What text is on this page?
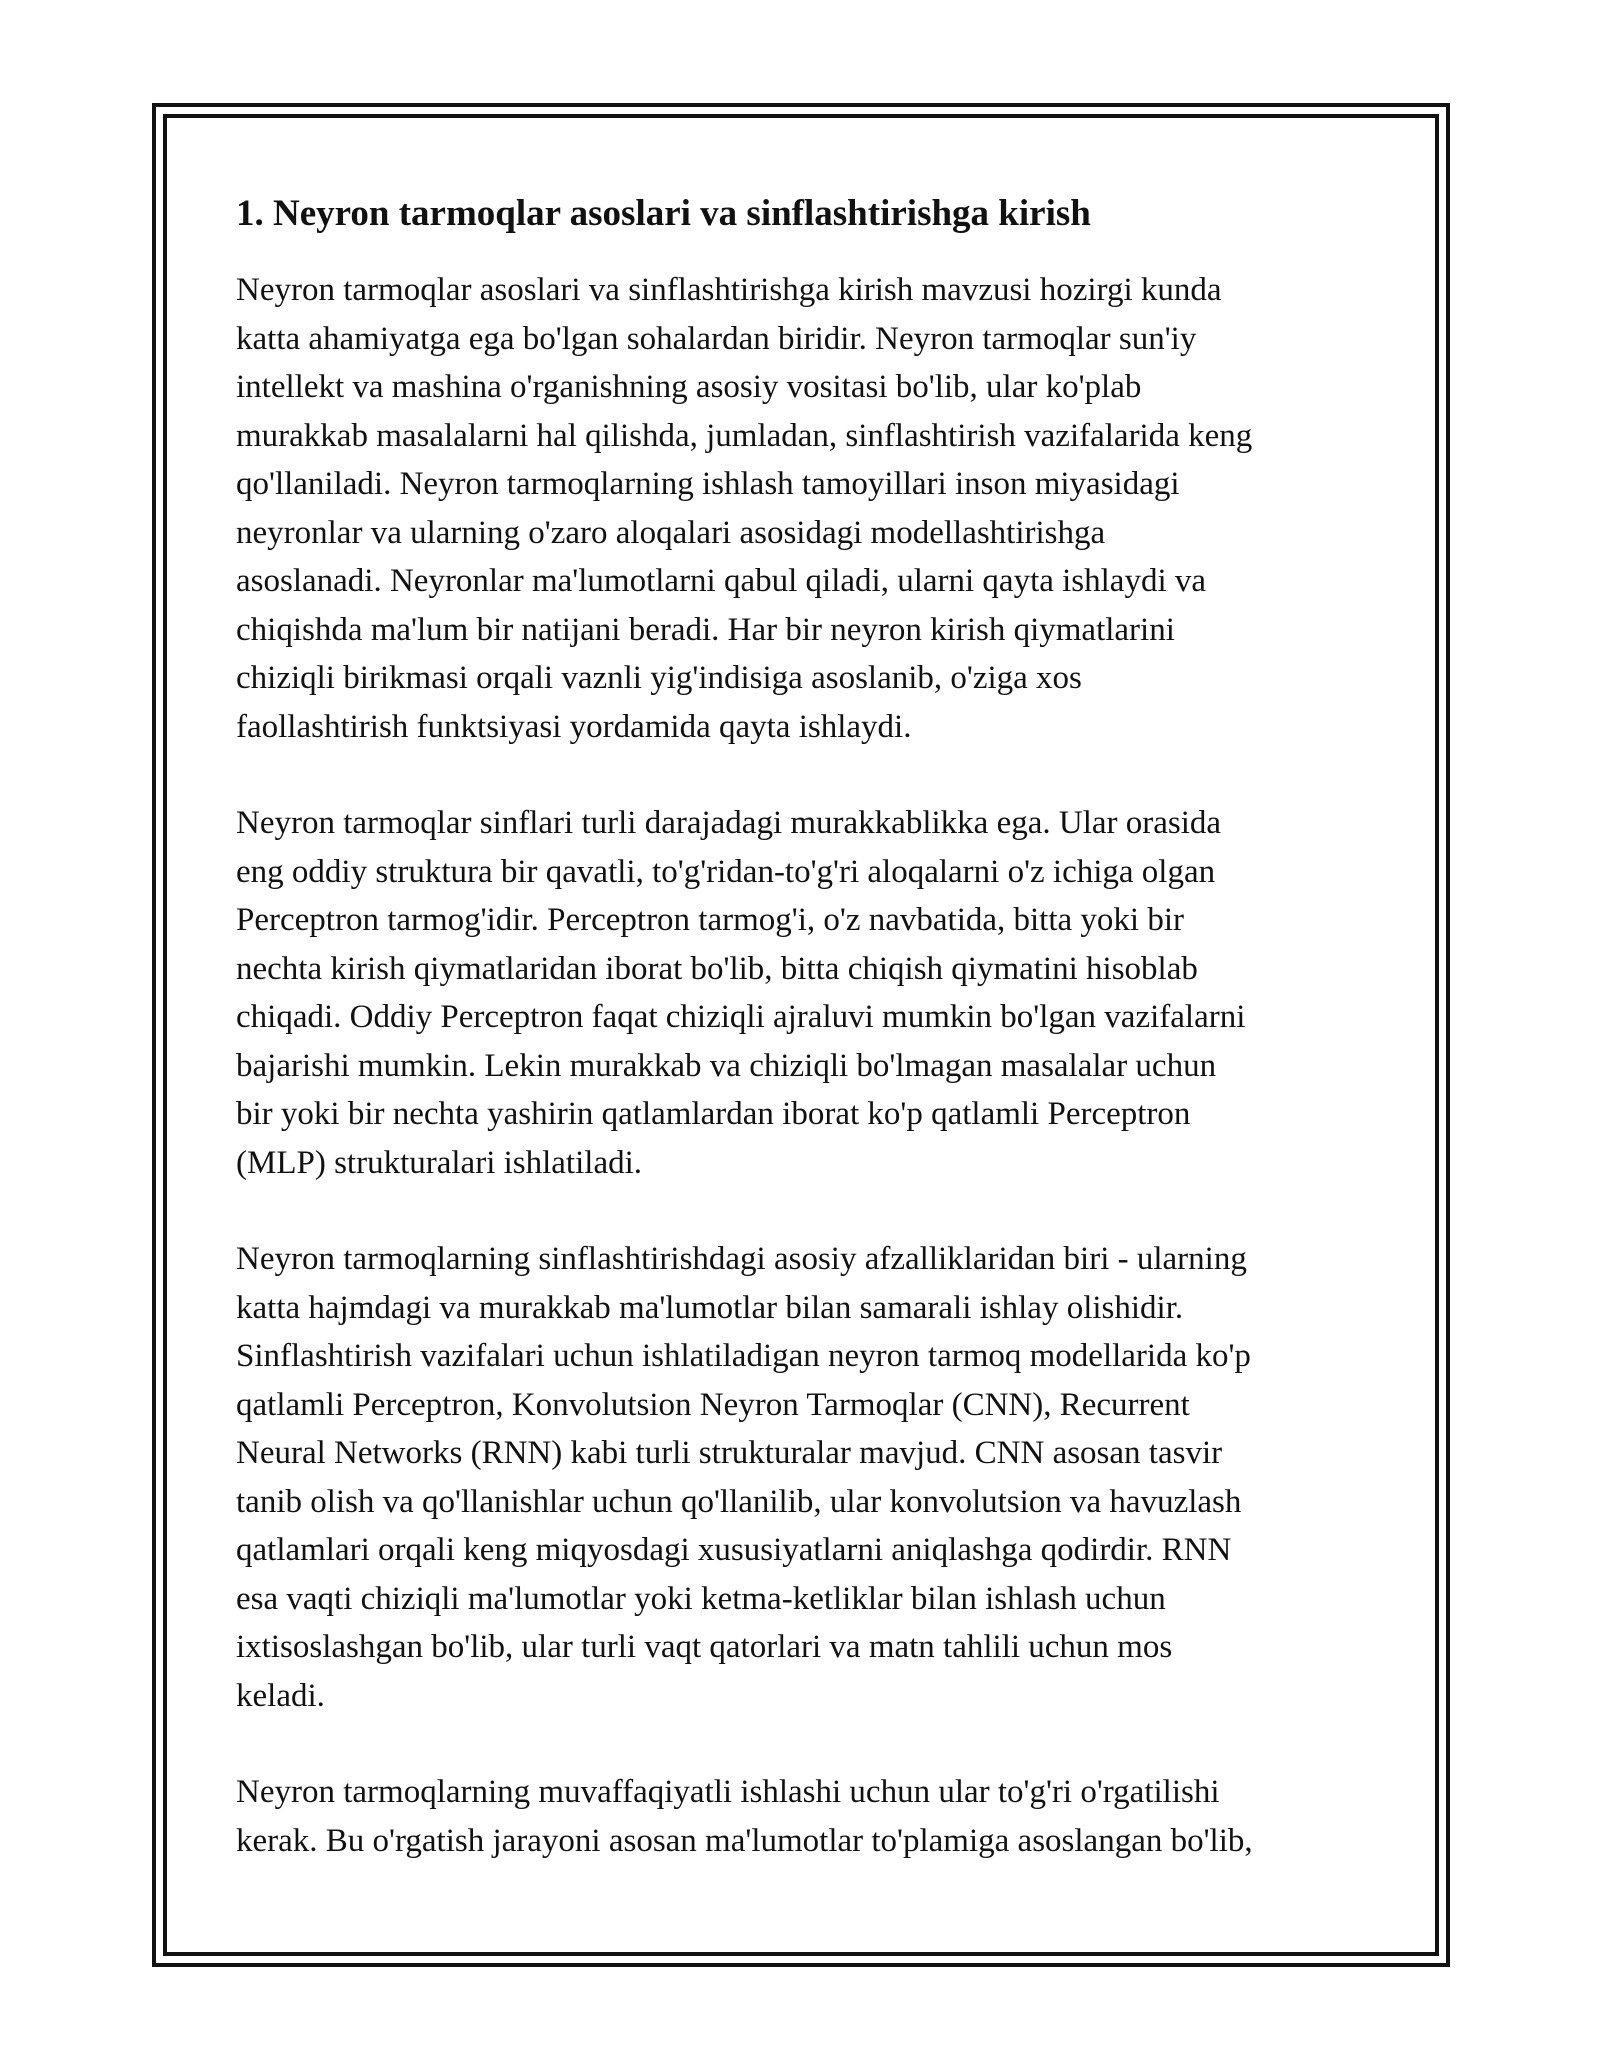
1. Neyron tarmoqlar asoslari va sinflashtirishga kirish
Neyron tarmoqlar asoslari va sinflashtirishga kirish mavzusi hozirgi kunda
katta ahamiyatga ega bo'lgan sohalardan biridir. Neyron tarmoqlar sun'iy
intellekt va mashina o'rganishning asosiy vositasi bo'lib, ular ko'plab
murakkab masalalarni hal qilishda, jumladan, sinflashtirish vazifalarida keng
qo'llaniladi. Neyron tarmoqlarning ishlash tamoyillari inson miyasidagi
neyronlar va ularning o'zaro aloqalari asosidagi modellashtirishga
asoslanadi. Neyronlar ma'lumotlarni qabul qiladi, ularni qayta ishlaydi va
chiqishda ma'lum bir natijani beradi. Har bir neyron kirish qiymatlarini
chiziqli birikmasi orqali vaznli yig'indisiga asoslanib, o'ziga xos
faollashtirish funktsiyasi yordamida qayta ishlaydi.
Neyron tarmoqlar sinflari turli darajadagi murakkablikka ega. Ular orasida
eng oddiy struktura bir qavatli, to'g'ridan-to'g'ri aloqalarni o'z ichiga olgan
Perceptron tarmog'idir. Perceptron tarmog'i, o'z navbatida, bitta yoki bir
nechta kirish qiymatlaridan iborat bo'lib, bitta chiqish qiymatini hisoblab
chiqadi. Oddiy Perceptron faqat chiziqli ajraluvi mumkin bo'lgan vazifalarni
bajarishi mumkin. Lekin murakkab va chiziqli bo'lmagan masalalar uchun
bir yoki bir nechta yashirin qatlamlardan iborat ko'p qatlamli Perceptron
(MLP) strukturalari ishlatiladi.
Neyron tarmoqlarning sinflashtirishdagi asosiy afzalliklaridan biri - ularning
katta hajmdagi va murakkab ma'lumotlar bilan samarali ishlay olishidir.
Sinflashtirish vazifalari uchun ishlatiladigan neyron tarmoq modellarida ko'p
qatlamli Perceptron, Konvolutsion Neyron Tarmoqlar (CNN), Recurrent
Neural Networks (RNN) kabi turli strukturalar mavjud. CNN asosan tasvir
tanib olish va qo'llanishlar uchun qo'llanilib, ular konvolutsion va havuzlash
qatlamlari orqali keng miqyosdagi xususiyatlarni aniqlashga qodirdir. RNN
esa vaqti chiziqli ma'lumotlar yoki ketma-ketliklar bilan ishlash uchun
ixtisoslashgan bo'lib, ular turli vaqt qatorlari va matn tahlili uchun mos
keladi.
Neyron tarmoqlarning muvaffaqiyatli ishlashi uchun ular to'g'ri o'rgatilishi
kerak. Bu o'rgatish jarayoni asosan ma'lumotlar to'plamiga asoslangan bo'lib,
